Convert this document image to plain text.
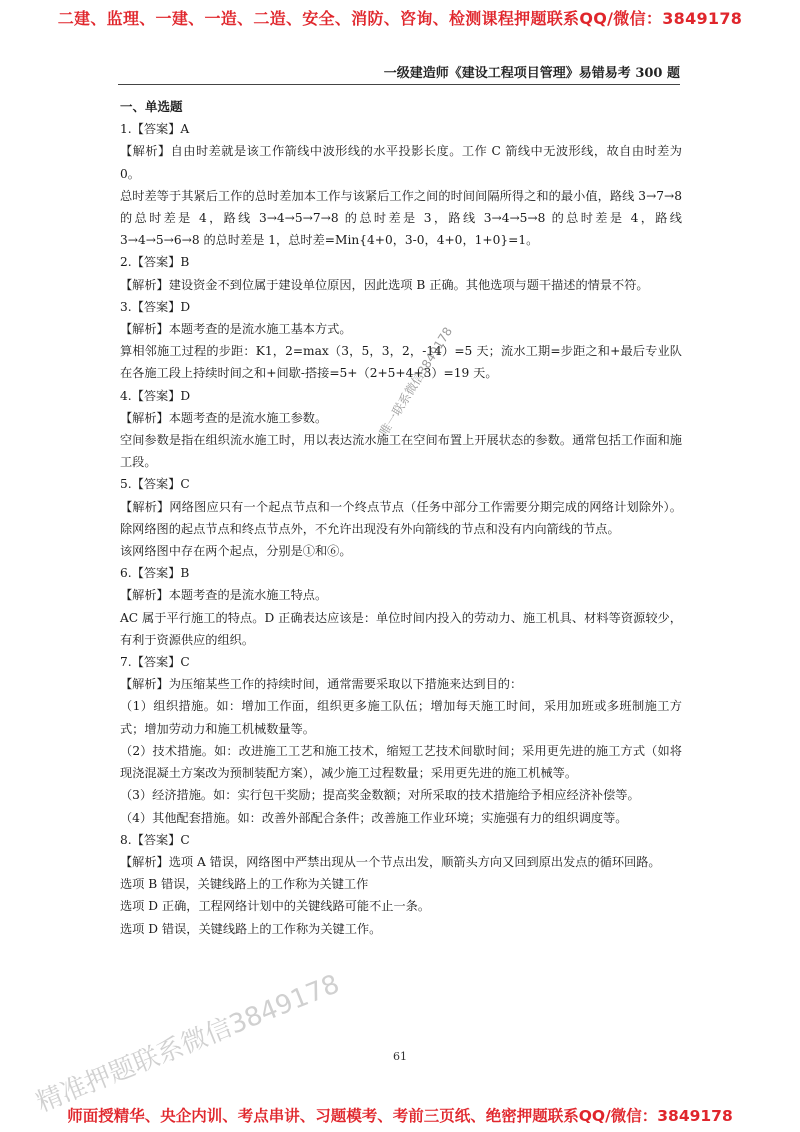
二建、监理、一建、一造、二造、安全、消防、咨询、检测课程押题联系QQ/微信：3849178
一级建造师《建设工程项目管理》易错易考 300 题

一、单选题

1.【答案】A

【解析】自由时差就是该工作箭线中波形线的水平投影长度。工作 C 箭线中无波形线，故自由时差为 0。

总时差等于其紧后工作的总时差加本工作与该紧后工作之间的时间间隔所得之和的最小值，路线 3→7→8 的总时差是 4，路线 3→4→5→7→8 的总时差是 3，路线 3→4→5→8 的总时差是 4，路线 3→4→5→6→8 的总时差是 1，总时差=Min{4+0，3-0，4+0，1+0}=1。

2.【答案】B

【解析】建设资金不到位属于建设单位原因，因此选项 B 正确。其他选项与题干描述的情景不符。

3.【答案】D

【解析】本题考查的是流水施工基本方式。

算相邻施工过程的步距：K1，2=max（3，5，3，2，-14）=5 天；流水工期=步距之和+最后专业队在各施工段上持续时间之和+间歇-搭接=5+（2+5+4+3）=19 天。

4.【答案】D

【解析】本题考查的是流水施工参数。

空间参数是指在组织流水施工时，用以表达流水施工在空间布置上开展状态的参数。通常包括工作面和施工段。

5.【答案】C

【解析】网络图应只有一个起点节点和一个终点节点（任务中部分工作需要分期完成的网络计划除外）。除网络图的起点节点和终点节点外，不允许出现没有外向箭线的节点和没有内向箭线的节点。

该网络图中存在两个起点，分别是①和⑥。

6.【答案】B

【解析】本题考查的是流水施工特点。

AC 属于平行施工的特点。D 正确表达应该是：单位时间内投入的劳动力、施工机具、材料等资源较少，有利于资源供应的组织。

7.【答案】C

【解析】为压缩某些工作的持续时间，通常需要采取以下措施来达到目的：

（1）组织措施。如：增加工作面，组织更多施工队伍；增加每天施工时间，采用加班或多班制施工方式；增加劳动力和施工机械数量等。

（2）技术措施。如：改进施工工艺和施工技术，缩短工艺技术间歇时间；采用更先进的施工方式（如将现浇混凝土方案改为预制装配方案），减少施工过程数量；采用更先进的施工机械等。

（3）经济措施。如：实行包干奖励；提高奖金数额；对所采取的技术措施给予相应经济补偿等。

（4）其他配套措施。如：改善外部配合条件；改善施工作业环境；实施强有力的组织调度等。

8.【答案】C

【解析】选项 A 错误，网络图中严禁出现从一个节点出发，顺箭头方向又回到原出发点的循环回路。

选项 B 错误，关键线路上的工作称为关键工作

选项 D 正确，工程网络计划中的关键线路可能不止一条。

选项 D 错误，关键线路上的工作称为关键工作。

唯一联系微信3849178
61
精准押题联系微信3849178
师面授精华、央企内训、考点串讲、习题模考、考前三页纸、绝密押题联系QQ/微信：3849178
